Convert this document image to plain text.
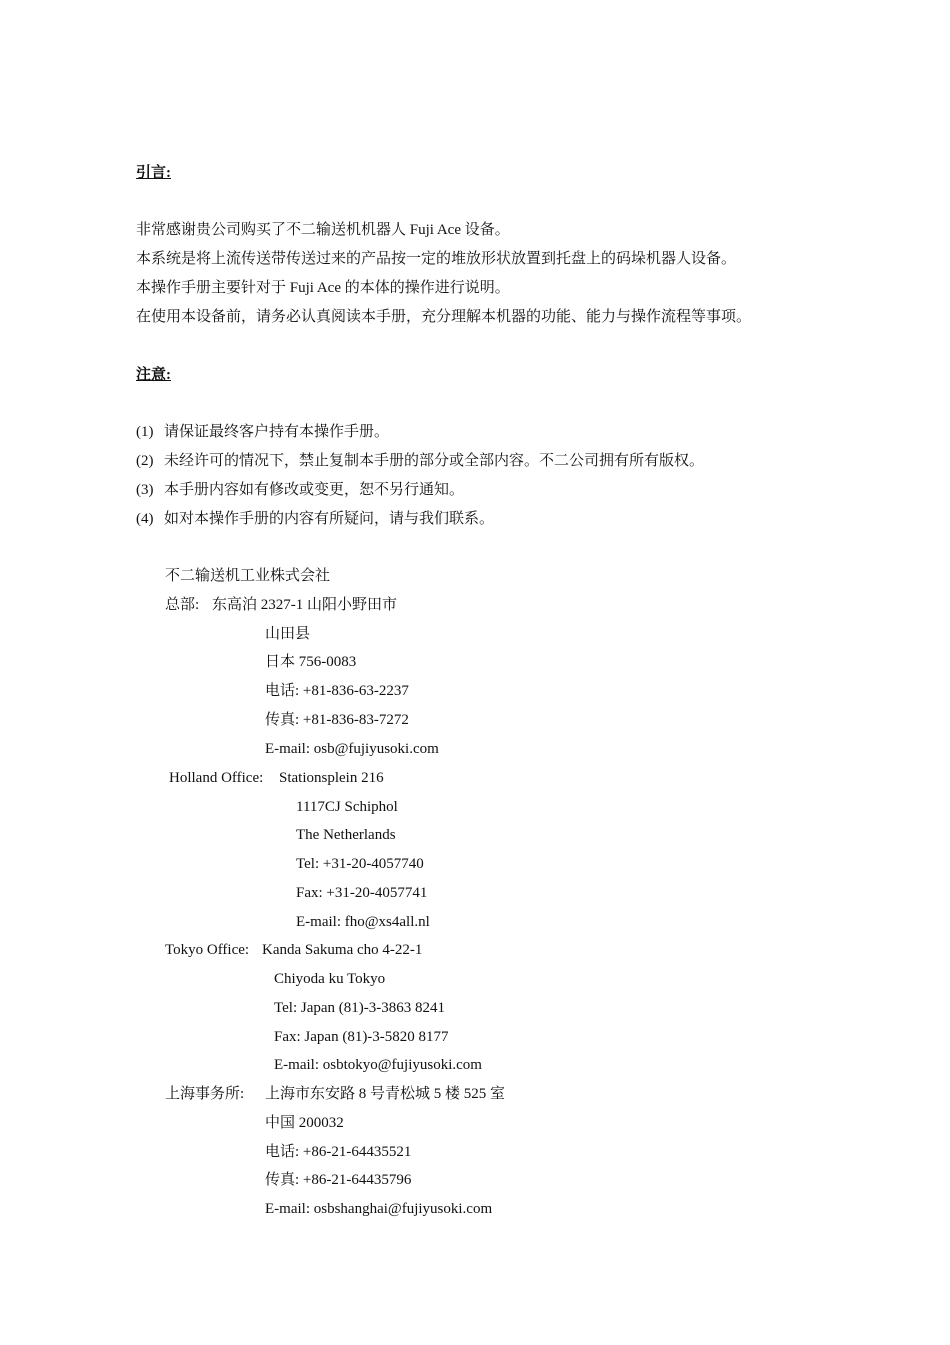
引言:
非常感谢贵公司购买了不二输送机机器人 Fuji Ace 设备。
本系统是将上流传送带传送过来的产品按一定的堆放形状放置到托盘上的码垛机器人设备。
本操作手册主要针对于 Fuji Ace 的本体的操作进行说明。
在使用本设备前，请务必认真阅读本手册，充分理解本机器的功能、能力与操作流程等事项。
注意:
(1) 请保证最终客户持有本操作手册。
(2) 未经许可的情况下，禁止复制本手册的部分或全部内容。不二公司拥有所有版权。
(3) 本手册内容如有修改或变更，恕不另行通知。
(4) 如对本操作手册的内容有所疑问，请与我们联系。
不二输送机工业株式会社
总部: 东高泊 2327-1 山阳小野田市
山田县
日本 756-0083
电话: +81-836-63-2237
传真: +81-836-83-7272
E-mail: osb@fujiyusoki.com
Holland Office: Stationsplein 216
1117CJ Schiphol
The Netherlands
Tel: +31-20-4057740
Fax: +31-20-4057741
E-mail: fho@xs4all.nl
Tokyo Office: Kanda Sakuma cho 4-22-1
Chiyoda ku Tokyo
Tel: Japan (81)-3-3863 8241
Fax: Japan (81)-3-5820 8177
E-mail: osbtokyo@fujiyusoki.com
上海事务所: 上海市东安路 8 号青松城 5 楼 525 室
中国 200032
电话: +86-21-64435521
传真: +86-21-64435796
E-mail: osbshanghai@fujiyusoki.com
